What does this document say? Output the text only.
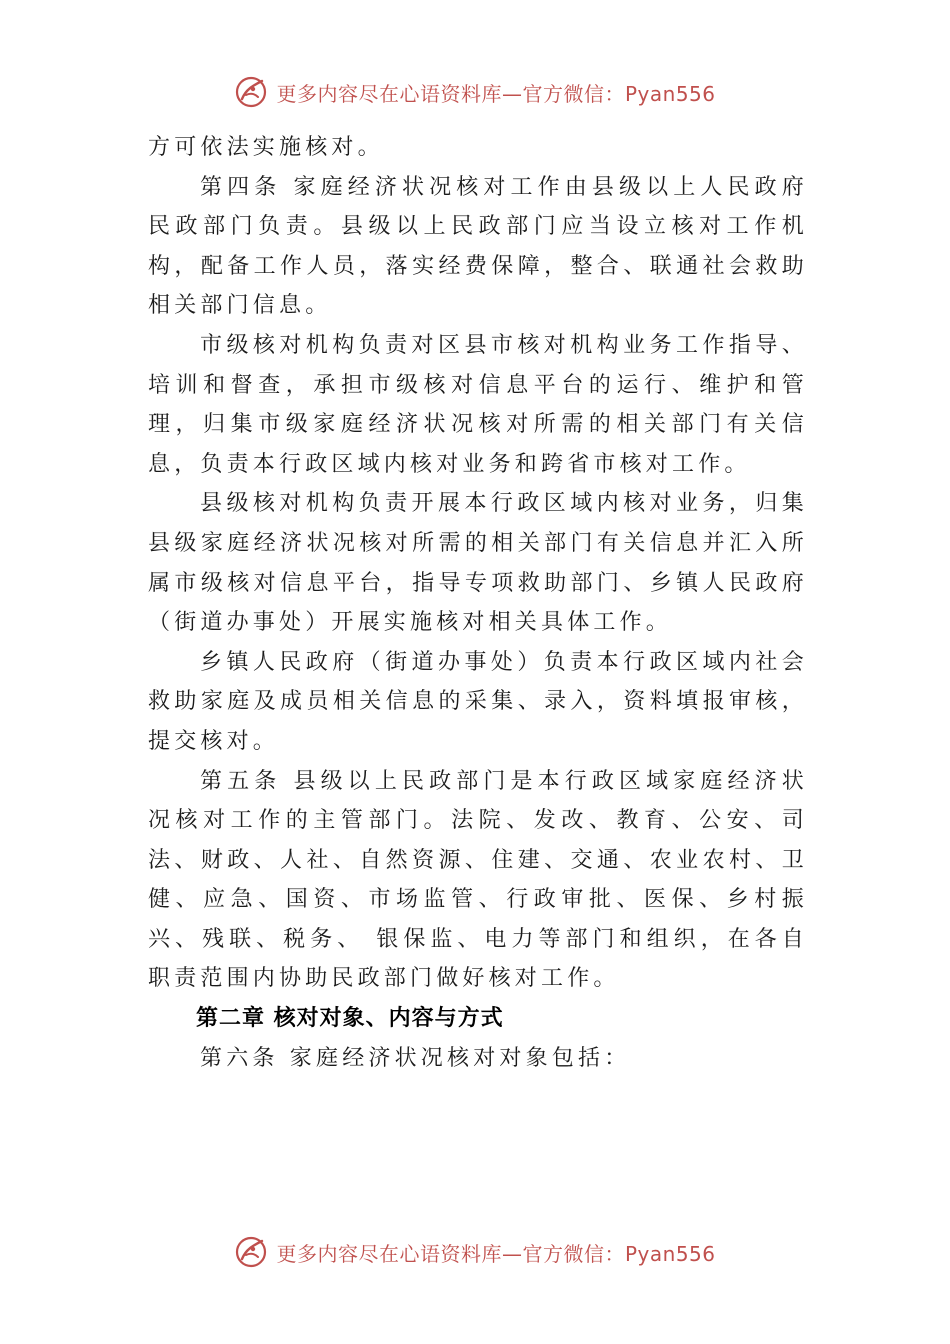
更多内容尽在心语资料库—官方微信：Pyan556

方可依法实施核对。

第四条 家庭经济状况核对工作由县级以上人民政府民政部门负责。县级以上民政部门应当设立核对工作机构，配备工作人员，落实经费保障，整合、联通社会救助相关部门信息。

市级核对机构负责对区县市核对机构业务工作指导、培训和督查，承担市级核对信息平台的运行、维护和管理，归集市级家庭经济状况核对所需的相关部门有关信息，负责本行政区域内核对业务和跨省市核对工作。

县级核对机构负责开展本行政区域内核对业务，归集县级家庭经济状况核对所需的相关部门有关信息并汇入所属市级核对信息平台，指导专项救助部门、乡镇人民政府（街道办事处）开展实施核对相关具体工作。

乡镇人民政府（街道办事处）负责本行政区域内社会救助家庭及成员相关信息的采集、录入，资料填报审核，提交核对。

第五条 县级以上民政部门是本行政区域家庭经济状况核对工作的主管部门。法院、发改、教育、公安、司法、财政、人社、自然资源、住建、交通、农业农村、卫健、应急、国资、市场监管、行政审批、医保、乡村振兴、残联、税务、 银保监、电力等部门和组织，在各自职责范围内协助民政部门做好核对工作。

第二章 核对对象、内容与方式

第六条 家庭经济状况核对对象包括：

更多内容尽在心语资料库—官方微信：Pyan556
